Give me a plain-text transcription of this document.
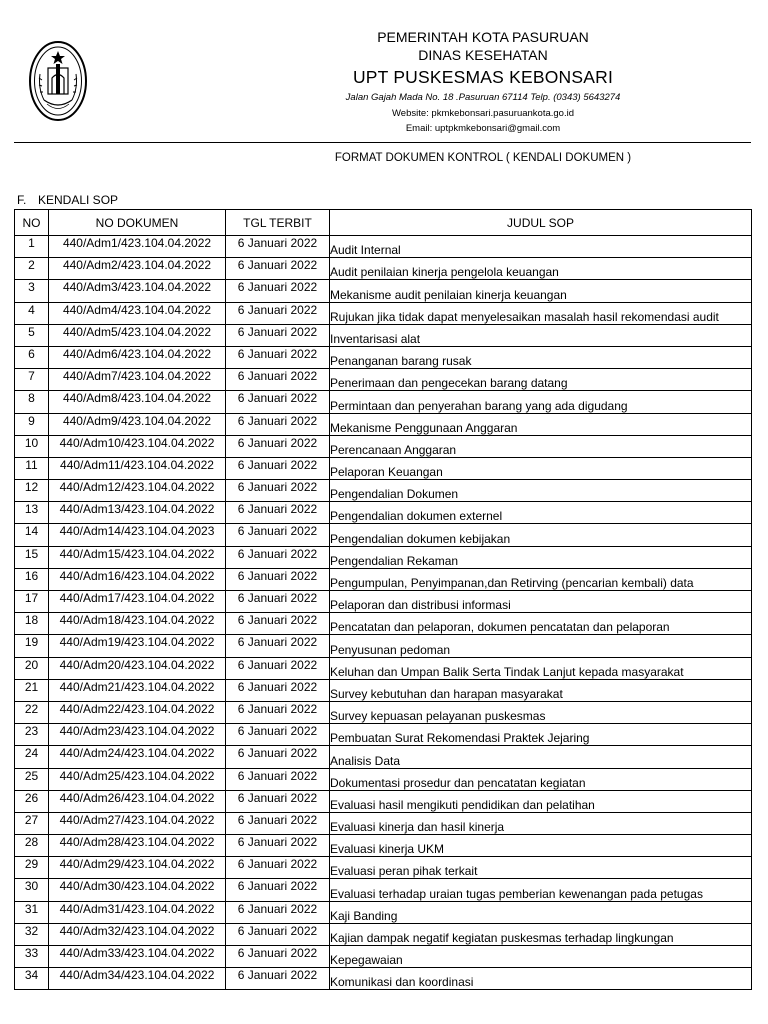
PEMERINTAH KOTA PASURUAN
DINAS KESEHATAN
UPT PUSKESMAS KEBONSARI
Jalan Gajah Mada No. 18 .Pasuruan 67114 Telp. (0343) 5643274
Website: pkmkebonsari.pasuruankota.go.id
Email: uptpkmkebonsari@gmail.com
FORMAT DOKUMEN KONTROL ( KENDALI DOKUMEN )
F. KENDALI SOP
NO	NO DOKUMEN	TGL TERBIT	JUDUL SOP
1	440/Adm1/423.104.04.2022	6 Januari 2022	Audit Internal
2	440/Adm2/423.104.04.2022	6 Januari 2022	Audit penilaian kinerja pengelola keuangan
3	440/Adm3/423.104.04.2022	6 Januari 2022	Mekanisme audit penilaian kinerja keuangan
4	440/Adm4/423.104.04.2022	6 Januari 2022	Rujukan jika tidak dapat menyelesaikan masalah hasil rekomendasi audit
5	440/Adm5/423.104.04.2022	6 Januari 2022	Inventarisasi alat
6	440/Adm6/423.104.04.2022	6 Januari 2022	Penanganan barang rusak
7	440/Adm7/423.104.04.2022	6 Januari 2022	Penerimaan dan pengecekan barang datang
8	440/Adm8/423.104.04.2022	6 Januari 2022	Permintaan dan penyerahan barang yang ada digudang
9	440/Adm9/423.104.04.2022	6 Januari 2022	Mekanisme Penggunaan Anggaran
10	440/Adm10/423.104.04.2022	6 Januari 2022	Perencanaan Anggaran
11	440/Adm11/423.104.04.2022	6 Januari 2022	Pelaporan Keuangan
12	440/Adm12/423.104.04.2022	6 Januari 2022	Pengendalian Dokumen
13	440/Adm13/423.104.04.2022	6 Januari 2022	Pengendalian dokumen externel
14	440/Adm14/423.104.04.2023	6 Januari 2022	Pengendalian dokumen kebijakan
15	440/Adm15/423.104.04.2022	6 Januari 2022	Pengendalian Rekaman
16	440/Adm16/423.104.04.2022	6 Januari 2022	Pengumpulan, Penyimpanan,dan Retirving (pencarian kembali) data
17	440/Adm17/423.104.04.2022	6 Januari 2022	Pelaporan dan distribusi informasi
18	440/Adm18/423.104.04.2022	6 Januari 2022	Pencatatan dan pelaporan, dokumen pencatatan dan pelaporan
19	440/Adm19/423.104.04.2022	6 Januari 2022	Penyusunan pedoman
20	440/Adm20/423.104.04.2022	6 Januari 2022	Keluhan dan Umpan Balik Serta Tindak Lanjut kepada masyarakat
21	440/Adm21/423.104.04.2022	6 Januari 2022	Survey kebutuhan dan harapan masyarakat
22	440/Adm22/423.104.04.2022	6 Januari 2022	Survey kepuasan pelayanan puskesmas
23	440/Adm23/423.104.04.2022	6 Januari 2022	Pembuatan Surat Rekomendasi Praktek Jejaring
24	440/Adm24/423.104.04.2022	6 Januari 2022	Analisis Data
25	440/Adm25/423.104.04.2022	6 Januari 2022	Dokumentasi prosedur dan pencatatan kegiatan
26	440/Adm26/423.104.04.2022	6 Januari 2022	Evaluasi hasil mengikuti pendidikan dan pelatihan
27	440/Adm27/423.104.04.2022	6 Januari 2022	Evaluasi kinerja dan hasil kinerja
28	440/Adm28/423.104.04.2022	6 Januari 2022	Evaluasi kinerja UKM
29	440/Adm29/423.104.04.2022	6 Januari 2022	Evaluasi peran pihak terkait
30	440/Adm30/423.104.04.2022	6 Januari 2022	Evaluasi terhadap uraian tugas pemberian kewenangan pada petugas
31	440/Adm31/423.104.04.2022	6 Januari 2022	Kaji Banding
32	440/Adm32/423.104.04.2022	6 Januari 2022	Kajian dampak negatif kegiatan puskesmas terhadap lingkungan
33	440/Adm33/423.104.04.2022	6 Januari 2022	Kepegawaian
34	440/Adm34/423.104.04.2022	6 Januari 2022	Komunikasi dan koordinasi
